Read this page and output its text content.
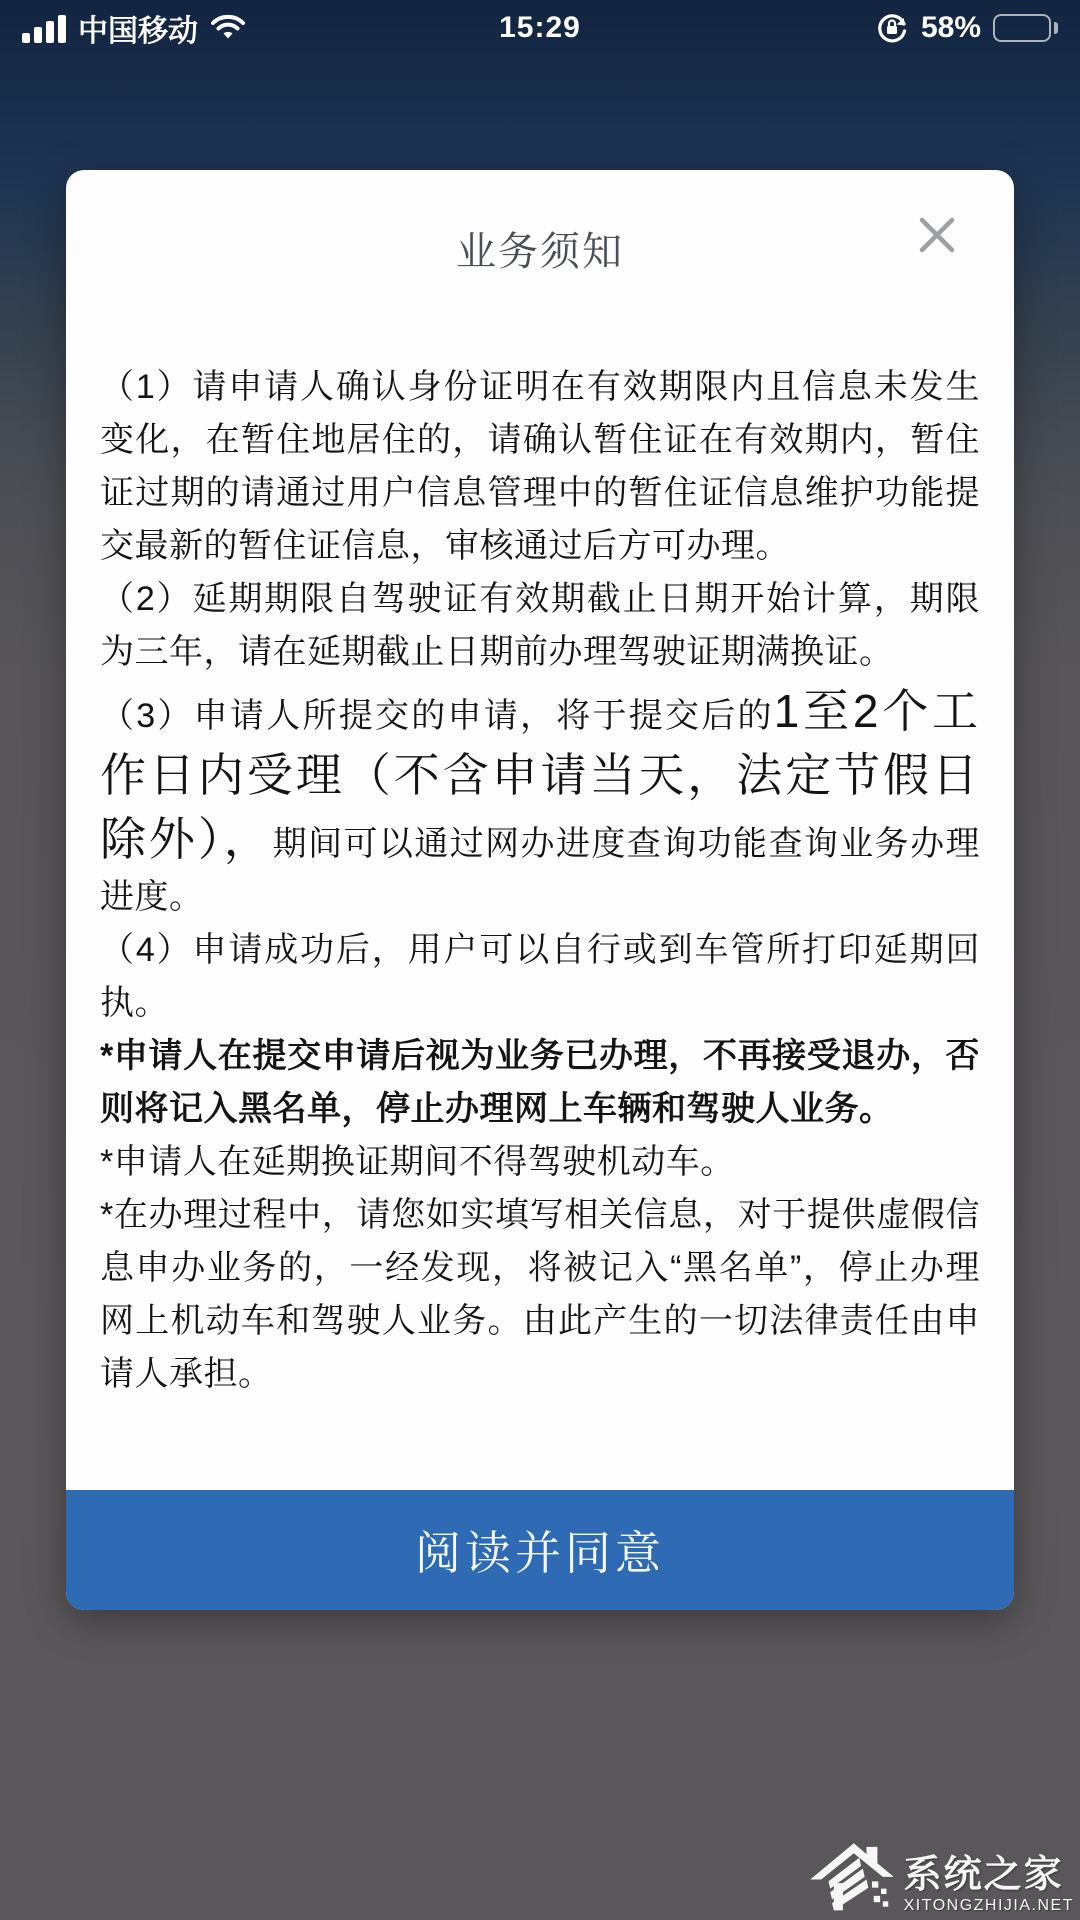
中国移动	15:29	58%
业务须知

（1）请申请人确认身份证明在有效期限内且信息未发生变化，在暂住地居住的，请确认暂住证在有效期内，暂住证过期的请通过用户信息管理中的暂住证信息维护功能提交最新的暂住证信息，审核通过后方可办理。

（2）延期期限自驾驶证有效期截止日期开始计算，期限为三年，请在延期截止日期前办理驾驶证期满换证。

（3）申请人所提交的申请，将于提交后的1至2个工作日内受理（不含申请当天，法定节假日除外），期间可以通过网办进度查询功能查询业务办理进度。

（4）申请成功后，用户可以自行或到车管所打印延期回执。

*申请人在提交申请后视为业务已办理，不再接受退办，否则将记入黑名单，停止办理网上车辆和驾驶人业务。

*申请人在延期换证期间不得驾驶机动车。

*在办理过程中，请您如实填写相关信息，对于提供虚假信息申办业务的，一经发现，将被记入“黑名单”，停止办理网上机动车和驾驶人业务。由此产生的一切法律责任由申请人承担。

阅读并同意
系统之家
XITONGZHIJIA.NET
